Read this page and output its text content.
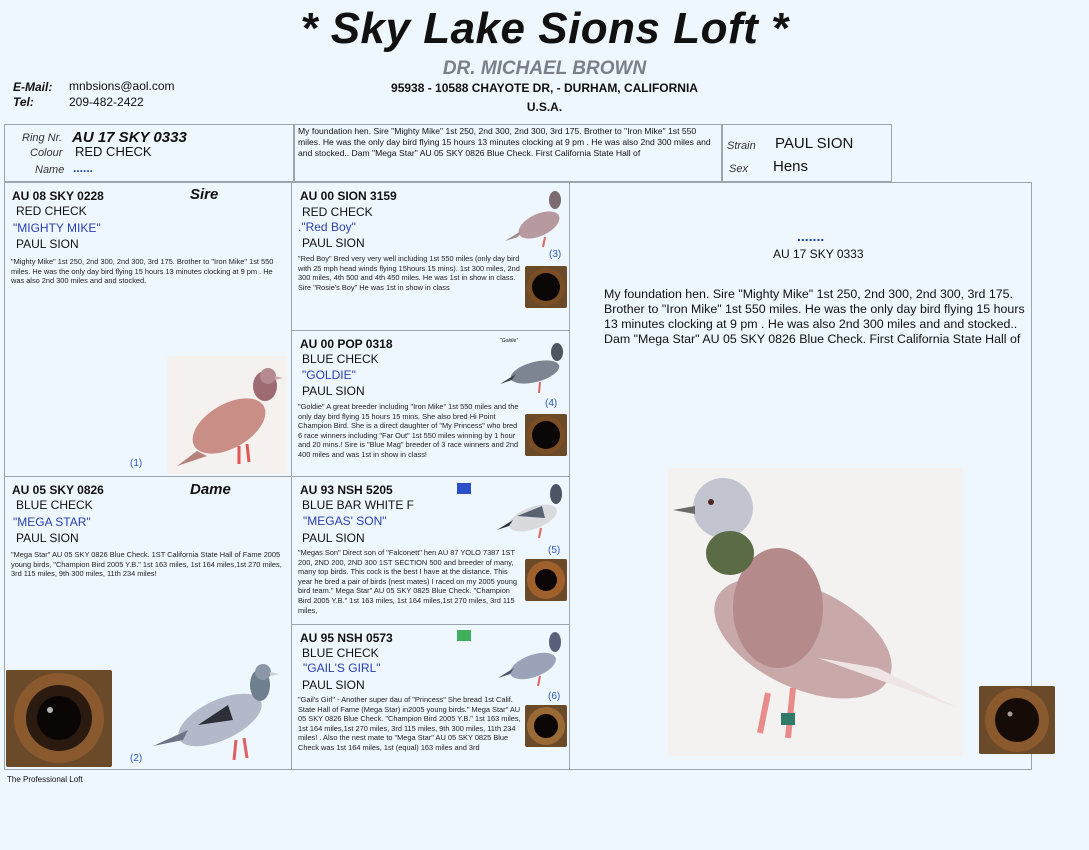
* Sky Lake Sions Loft *
DR. MICHAEL BROWN
95938 - 10588 CHAYOTE DR, - DURHAM, CALIFORNIA
U.S.A.
E-Mail: mnbsions@aol.com
Tel:	209-482-2422
Ring Nr. AU 17 SKY 0333
Colour RED CHECK
Name ......
My foundation hen. Sire "Mighty Mike" 1st 250, 2nd 300, 2nd 300, 3rd 175. Brother to "Iron Mike" 1st 550 miles. He was the only day bird flying 15 hours 13 minutes clocking at 9 pm . He was also 2nd 300 miles and and stocked.. Dam "Mega Star" AU 05 SKY 0826 Blue Check. First California State Hall of
Strain PAUL SION
Sex Hens
AU 08 SKY 0228	Sire
RED CHECK
"MIGHTY MIKE"
PAUL SION
"Mighty Mike" 1st 250, 2nd 300, 2nd 300, 3rd 175. Brother to "Iron Mike" 1st 550 miles. He was the only day bird flying 15 hours 13 minutes clocking at 9 pm . He was also 2nd 300 miles and and stocked.
(1)
AU 05 SKY 0826	Dame
BLUE CHECK
"MEGA STAR"
PAUL SION
"Mega Star" AU 05 SKY 0826 Blue Check. 1ST California State Hall of Fame 2005 young birds, "Champion Bird 2005 Y.B." 1st 163 miles, 1st 164 miles,1st 270 miles, 3rd 115 miles, 9th 300 miles, 11th 234 miles!
(2)
AU 00 SION 3159
RED CHECK
."Red Boy"
PAUL SION
"Red Boy" Bred very very well including 1st 550 miles (only day bird with 25 mph head winds flying 15hours 15 mins). 1st 300 miles, 2nd 300 miles, 4th 500 and 4th 450 miles. He was 1st in show in class. Sire "Rosie's Boy" He was 1st in show in class
(3)
AU 00 POP 0318
BLUE CHECK
"GOLDIE"
PAUL SION
"Goldie" A great breeder including "Iron Mike" 1st 550 miles and the only day bird flying 15 hours 15 mins. She also bred Hi Point Champion Bird. She is a direct daughter of "My Princess" who bred 6 race winners including "Far Out" 1st 550 miles winning by 1 hour and 20 mins.! Sire is "Blue Mag" breeder of 3 race winners and 2nd 400 miles and was 1st in show in class!
"Goldie"
(4)
AU 93 NSH 5205
BLUE BAR WHITE F
"MEGAS' SON"
PAUL SION
"Megas Son" Direct son of "Falconett" hen AU 87 YOLO 7387 1ST 200, 2ND 200, 2ND 300 1ST SECTION 500 and breeder of many, many top birds. This cock is the best I have at the distance. This year he bred a pair of birds (nest mates) I raced on my 2005 young bird team." Mega Star" AU 05 SKY 0825 Blue Check. "Champion Bird 2005 Y.B." 1st 163 miles, 1st 164 miles,1st 270 miles, 3rd 115 miles,
(5)
AU 95 NSH 0573
BLUE CHECK
"GAIL'S GIRL"
PAUL SION
"Gail's Girl" - Another super dau of "Princess" She bread 1st Calif. State Hall of Fame (Mega Star) in2005 young birds." Mega Star" AU 05 SKY 0826 Blue Check. "Champion Bird 2005 Y.B." 1st 163 miles, 1st 164 miles,1st 270 miles, 3rd 115 miles, 9th 300 miles, 11th 234 miles! . Also the nest mate to "Mega Star" AU 05 SKY 0825 Blue Check was 1st 164 miles, 1st (equal) 163 miles and 3rd
(6)
.......
AU 17 SKY 0333
My foundation hen. Sire "Mighty Mike" 1st 250, 2nd 300, 2nd 300, 3rd 175. Brother to "Iron Mike" 1st 550 miles. He was the only day bird flying 15 hours 13 minutes clocking at 9 pm . He was also 2nd 300 miles and and stocked.. Dam "Mega Star" AU 05 SKY 0826 Blue Check. First California State Hall of
The Professional Loft
